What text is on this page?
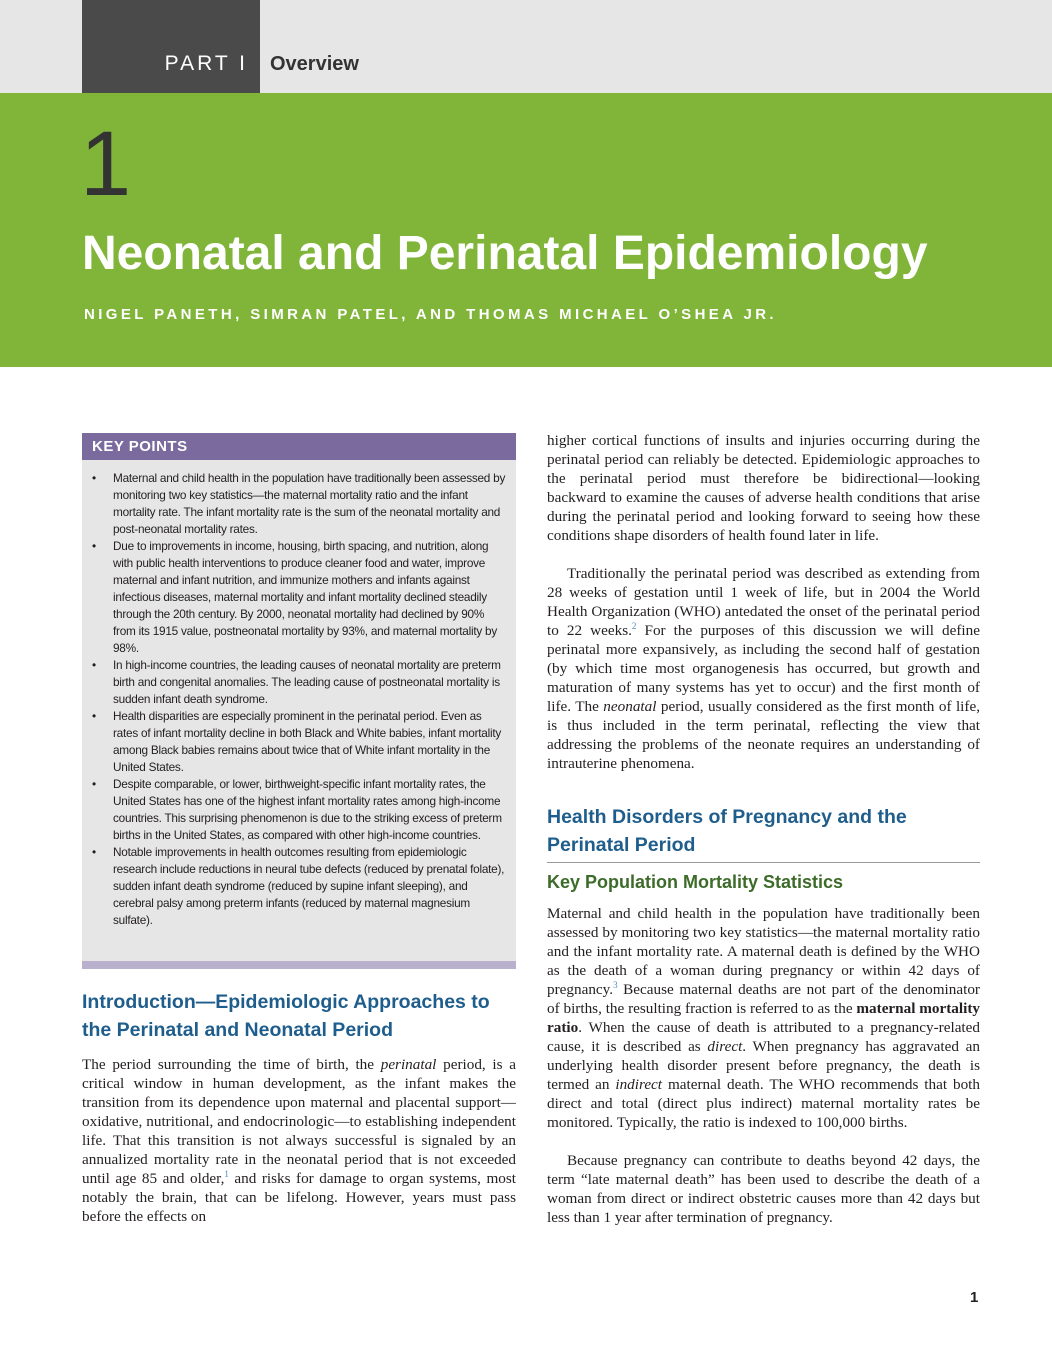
PART I Overview
1
Neonatal and Perinatal Epidemiology
NIGEL PANETH, SIMRAN PATEL, AND THOMAS MICHAEL O’SHEA JR.
KEY POINTS
• Maternal and child health in the population have traditionally been assessed by monitoring two key statistics—the maternal mortality ratio and the infant mortality rate. The infant mortality rate is the sum of the neonatal mortality and post-neonatal mortality rates.
• Due to improvements in income, housing, birth spacing, and nutrition, along with public health interventions to produce cleaner food and water, improve maternal and infant nutrition, and immunize mothers and infants against infectious diseases, maternal mortality and infant mortality declined steadily through the 20th century. By 2000, neonatal mortality had declined by 90% from its 1915 value, postneonatal mortality by 93%, and maternal mortality by 98%.
• In high-income countries, the leading causes of neonatal mortality are preterm birth and congenital anomalies. The leading cause of postneonatal mortality is sudden infant death syndrome.
• Health disparities are especially prominent in the perinatal period. Even as rates of infant mortality decline in both Black and White babies, infant mortality among Black babies remains about twice that of White infant mortality in the United States.
• Despite comparable, or lower, birthweight-specific infant mortality rates, the United States has one of the highest infant mortality rates among high-income countries. This surprising phenomenon is due to the striking excess of preterm births in the United States, as compared with other high-income countries.
• Notable improvements in health outcomes resulting from epidemiologic research include reductions in neural tube defects (reduced by prenatal folate), sudden infant death syndrome (reduced by supine infant sleeping), and cerebral palsy among preterm infants (reduced by maternal magnesium sulfate).
Introduction—Epidemiologic Approaches to
the Perinatal and Neonatal Period

The period surrounding the time of birth, the perinatal period, is a critical window in human development, as the infant makes the transition from its dependence upon maternal and placental support—oxidative, nutritional, and endocrinologic—to establishing independent life. That this transition is not always successful is signaled by an annualized mortality rate in the neonatal period that is not exceeded until age 85 and older,$^1$ and risks for damage to organ systems, most notably the brain, that can be lifelong. However, years must pass before the effects on

higher cortical functions of insults and injuries occurring during the perinatal period can reliably be detected. Epidemiologic approaches to the perinatal period must therefore be bidirectional—looking backward to examine the causes of adverse health conditions that arise during the perinatal period and looking forward to seeing how these conditions shape disorders of health found later in life.

Traditionally the perinatal period was described as extending from 28 weeks of gestation until 1 week of life, but in 2004 the World Health Organization (WHO) antedated the onset of the perinatal period to 22 weeks.$^2$ For the purposes of this discussion we will define perinatal more expansively, as including the second half of gestation (by which time most organogenesis has occurred, but growth and maturation of many systems has yet to occur) and the first month of life. The neonatal period, usually considered as the first month of life, is thus included in the term perinatal, reflecting the view that addressing the problems of the neonate requires an understanding of intrauterine phenomena.

Health Disorders of Pregnancy and the
Perinatal Period
Key Population Mortality Statistics

Maternal and child health in the population have traditionally been assessed by monitoring two key statistics—the maternal mortality ratio and the infant mortality rate. A maternal death is defined by the WHO as the death of a woman during pregnancy or within 42 days of pregnancy.$^3$ Because maternal deaths are not part of the denominator of births, the resulting fraction is referred to as the maternal mortality ratio. When the cause of death is attributed to a pregnancy-related cause, it is described as direct. When pregnancy has aggravated an underlying health disorder present before pregnancy, the death is termed an indirect maternal death. The WHO recommends that both direct and total (direct plus indirect) maternal mortality rates be monitored. Typically, the ratio is indexed to 100,000 births.

Because pregnancy can contribute to deaths beyond 42 days, the term “late maternal death” has been used to describe the death of a woman from direct or indirect obstetric causes more than 42 days but less than 1 year after termination of pregnancy.

1
